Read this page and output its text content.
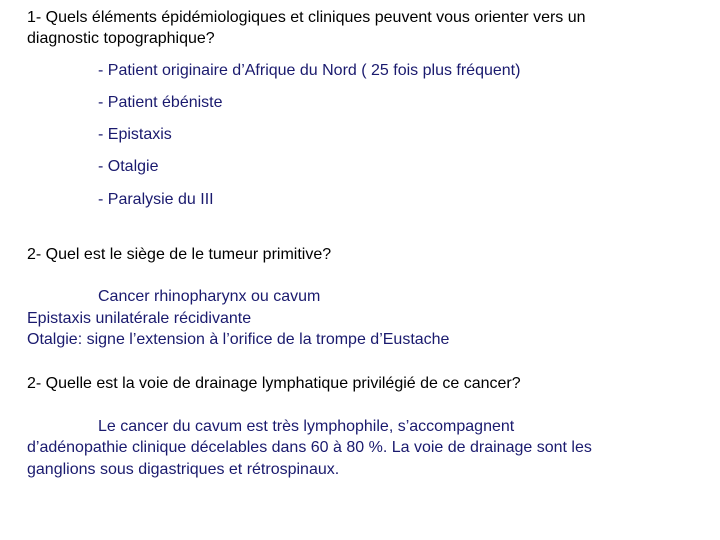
1- Quels éléments épidémiologiques et cliniques peuvent vous orienter vers un
diagnostic topographique?
- Patient originaire d’Afrique du Nord ( 25 fois plus fréquent)
- Patient ébéniste
- Epistaxis
- Otalgie
- Paralysie du III
2- Quel est le siège de le tumeur primitive?
Cancer rhinopharynx ou cavum
Epistaxis unilatérale récidivante
Otalgie: signe l’extension à l’orifice de la trompe d’Eustache
2- Quelle est la voie de drainage lymphatique privilégié de ce cancer?
Le cancer du cavum est très lymphophile, s’accompagnent
d’adénopathie clinique décelables dans 60 à 80 %. La voie de drainage sont les
ganglions sous digastriques et rétrospinaux.
